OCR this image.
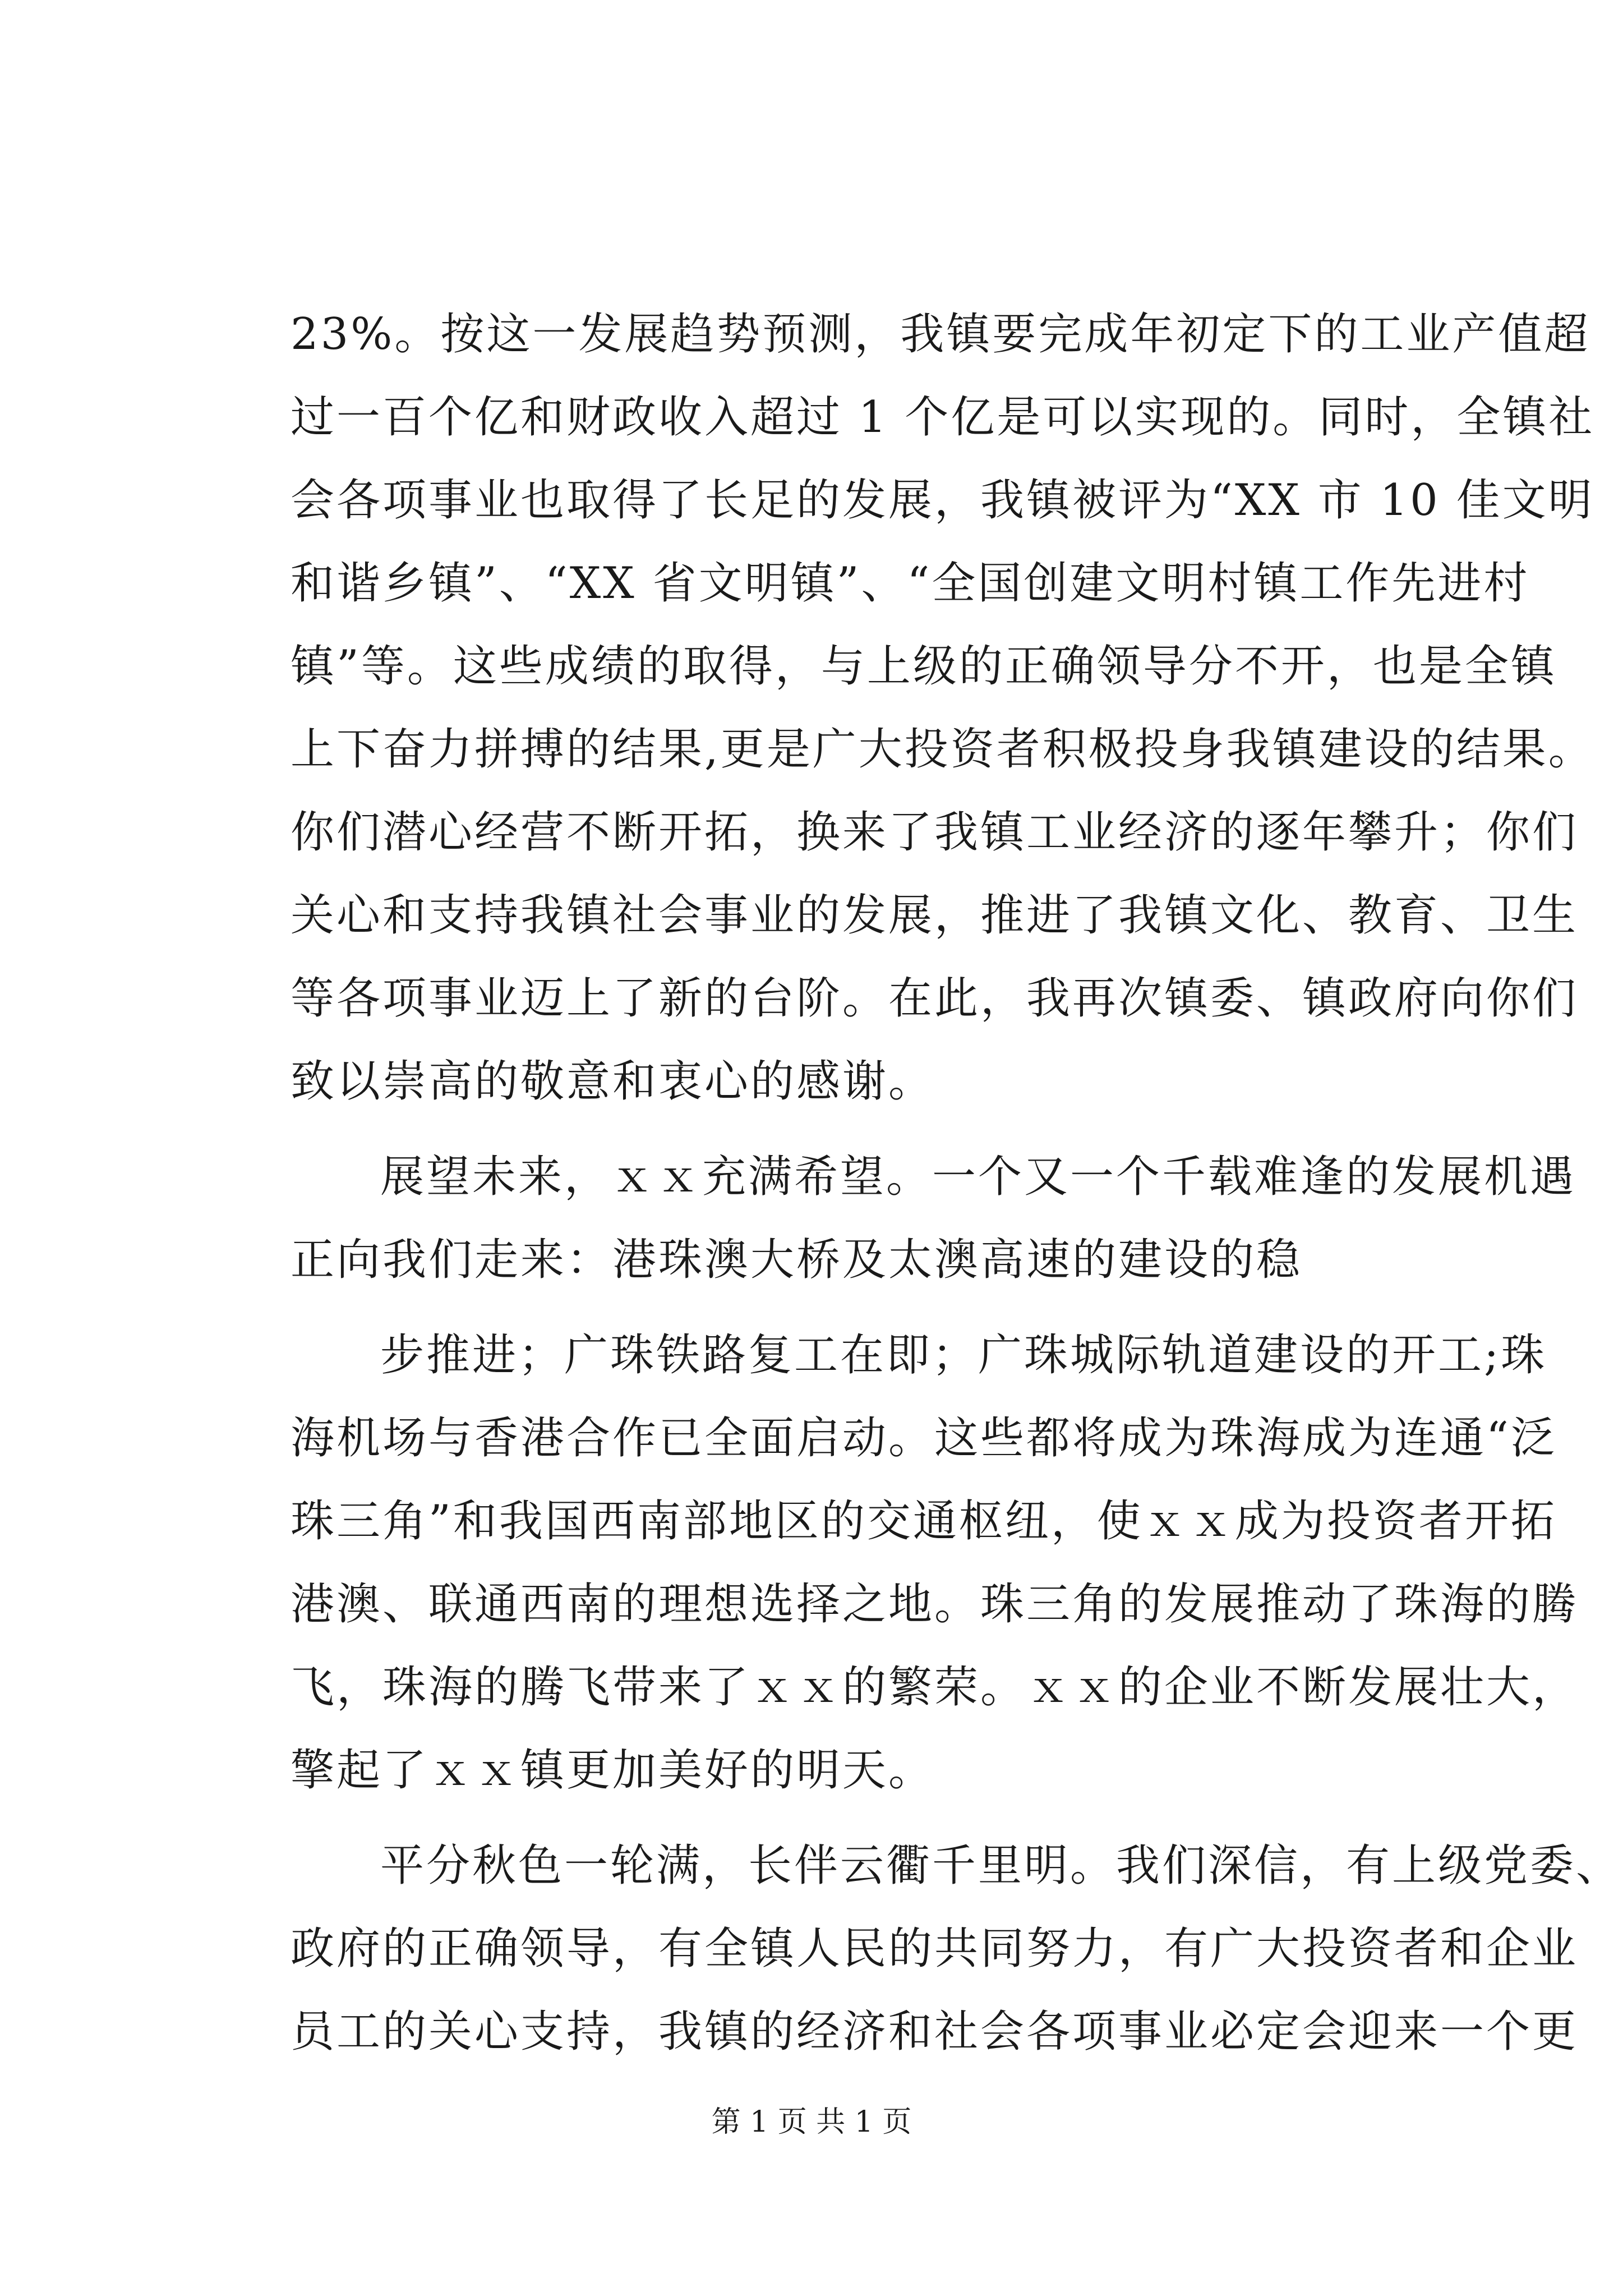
23%。按这一发展趋势预测，我镇要完成年初定下的工业产值超
过一百个亿和财政收入超过 1 个亿是可以实现的。同时，全镇社
会各项事业也取得了长足的发展，我镇被评为“XX 市 10 佳文明
和谐乡镇”、“XX 省文明镇”、“全国创建文明村镇工作先进村
镇”等。这些成绩的取得，与上级的正确领导分不开，也是全镇
上下奋力拼搏的结果,更是广大投资者积极投身我镇建设的结果。
你们潜心经营不断开拓，换来了我镇工业经济的逐年攀升；你们
关心和支持我镇社会事业的发展，推进了我镇文化、教育、卫生
等各项事业迈上了新的台阶。在此，我再次镇委、镇政府向你们
致以崇高的敬意和衷心的感谢。
展望未来，ｘｘ充满希望。一个又一个千载难逢的发展机遇
正向我们走来：港珠澳大桥及太澳高速的建设的稳
步推进；广珠铁路复工在即；广珠城际轨道建设的开工;珠
海机场与香港合作已全面启动。这些都将成为珠海成为连通“泛
珠三角”和我国西南部地区的交通枢纽，使ｘｘ成为投资者开拓
港澳、联通西南的理想选择之地。珠三角的发展推动了珠海的腾
飞，珠海的腾飞带来了ｘｘ的繁荣。ｘｘ的企业不断发展壮大，
擎起了ｘｘ镇更加美好的明天。
平分秋色一轮满，长伴云衢千里明。我们深信，有上级党委、
政府的正确领导，有全镇人民的共同努力，有广大投资者和企业
员工的关心支持，我镇的经济和社会各项事业必定会迎来一个更
第 1 页 共 1 页
